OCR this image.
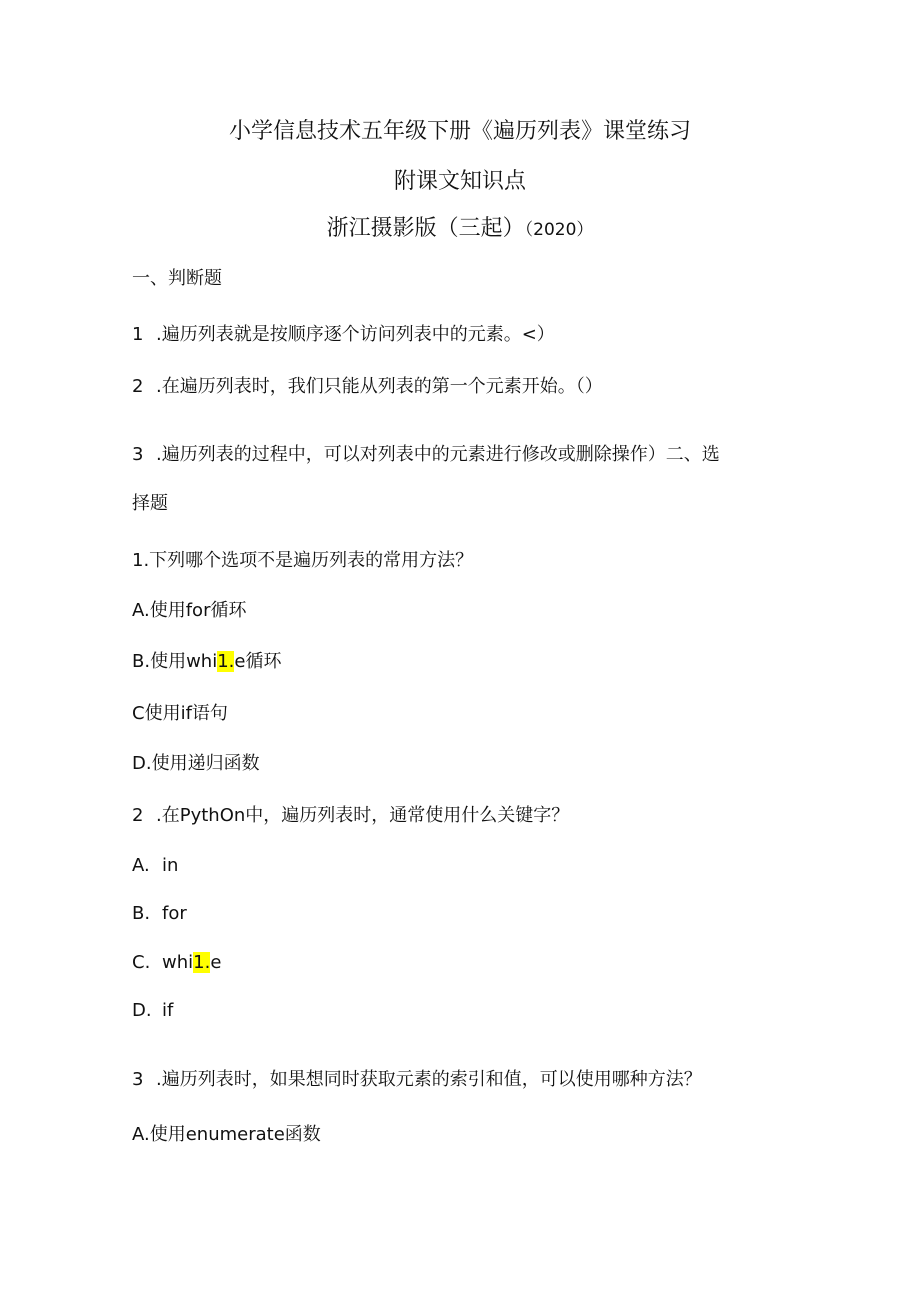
小学信息技术五年级下册《遍历列表》课堂练习
附课文知识点
浙江摄影版（三起）（2020）
一、判断题
1 .遍历列表就是按顺序逐个访问列表中的元素。<）
2 .在遍历列表时，我们只能从列表的第一个元素开始。（）
3 .遍历列表的过程中，可以对列表中的元素进行修改或删除操作）二、选
择题
1.下列哪个选项不是遍历列表的常用方法？
A.使用for循环
B.使用whi1.e循环
C使用if语句
D.使用递归函数
2 .在PythOn中，遍历列表时，通常使用什么关键字？
A. in
B. for
C. whi1.e
D. if
3 .遍历列表时，如果想同时获取元素的索引和值，可以使用哪种方法？
A.使用enumerate函数
